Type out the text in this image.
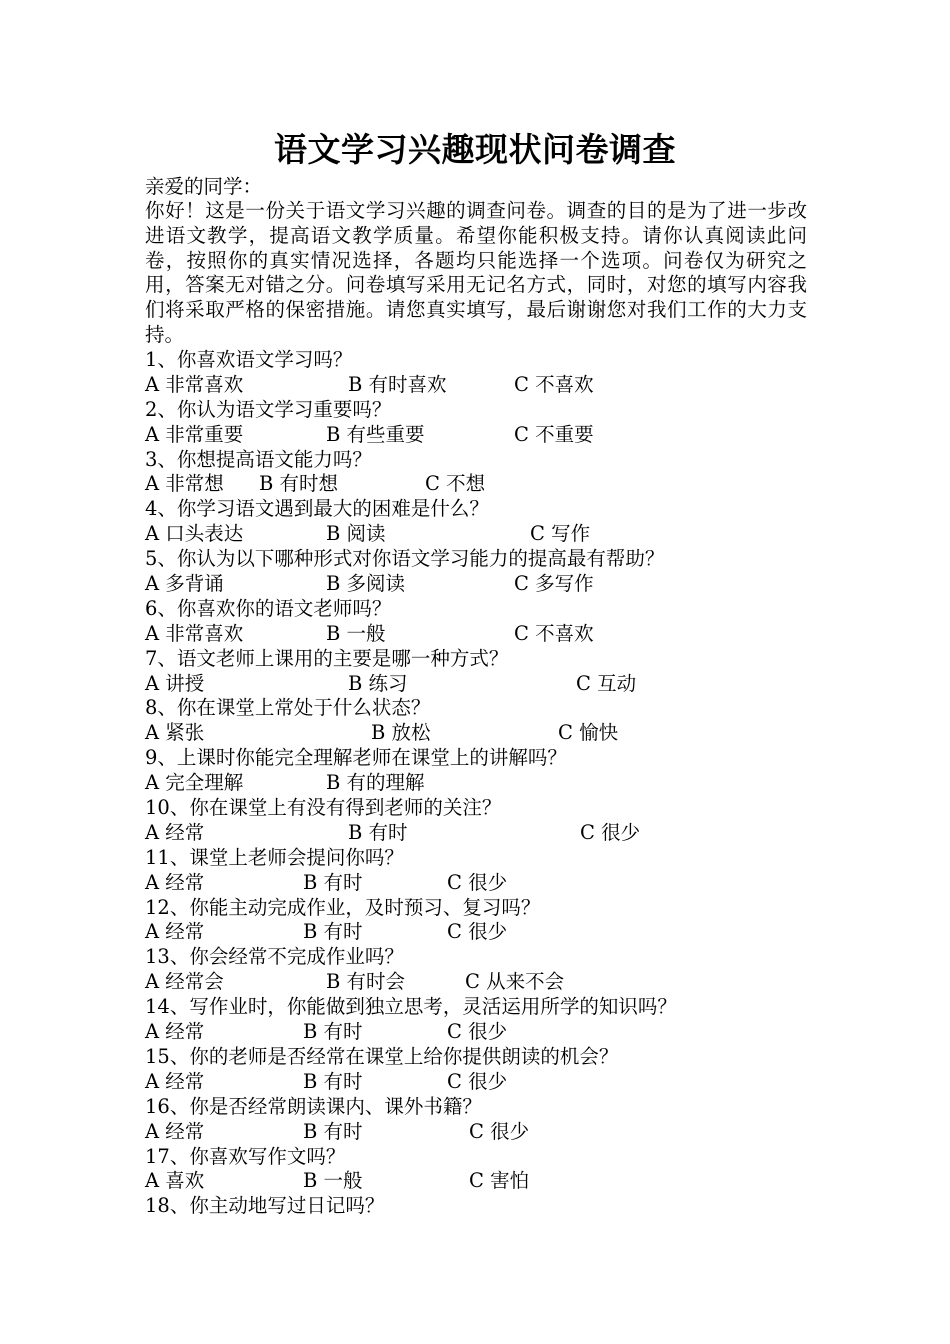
语文学习兴趣现状问卷调查
亲爱的同学：
你好！这是一份关于语文学习兴趣的调查问卷。调查的目的是为了进一步改进语文教学，提高语文教学质量。希望你能积极支持。请你认真阅读此问卷，按照你的真实情况选择，各题均只能选择一个选项。问卷仅为研究之用，答案无对错之分。问卷填写采用无记名方式，同时，对您的填写内容我们将采取严格的保密措施。请您真实填写，最后谢谢您对我们工作的大力支持。
1、你喜欢语文学习吗？
A 非常喜欢	B 有时喜欢	C 不喜欢
2、你认为语文学习重要吗？
A 非常重要	B 有些重要	C 不重要
3、你想提高语文能力吗？
A 非常想 B 有时想	C 不想
4、你学习语文遇到最大的困难是什么？
A 口头表达	B 阅读	C 写作
5、你认为以下哪种形式对你语文学习能力的提高最有帮助？
A 多背诵	B 多阅读	C 多写作
6、你喜欢你的语文老师吗？
A 非常喜欢	B 一般	C 不喜欢
7、语文老师上课用的主要是哪一种方式？
A 讲授	B 练习	C 互动
8、你在课堂上常处于什么状态？
A 紧张	B 放松	C 愉快
9、上课时你能完全理解老师在课堂上的讲解吗？
A 完全理解	B 有的理解
10、你在课堂上有没有得到老师的关注？
A 经常	B 有时	C 很少
11、课堂上老师会提问你吗？
A 经常	B 有时	C 很少
12、你能主动完成作业，及时预习、复习吗？
A 经常	B 有时	C 很少
13、你会经常不完成作业吗？
A 经常会	B 有时会	C 从来不会
14、写作业时，你能做到独立思考，灵活运用所学的知识吗？
A 经常	B 有时	C 很少
15、你的老师是否经常在课堂上给你提供朗读的机会？
A 经常	B 有时	C 很少
16、你是否经常朗读课内、课外书籍？
A 经常	B 有时	C 很少
17、你喜欢写作文吗？
A 喜欢	B 一般	C 害怕
18、你主动地写过日记吗？
